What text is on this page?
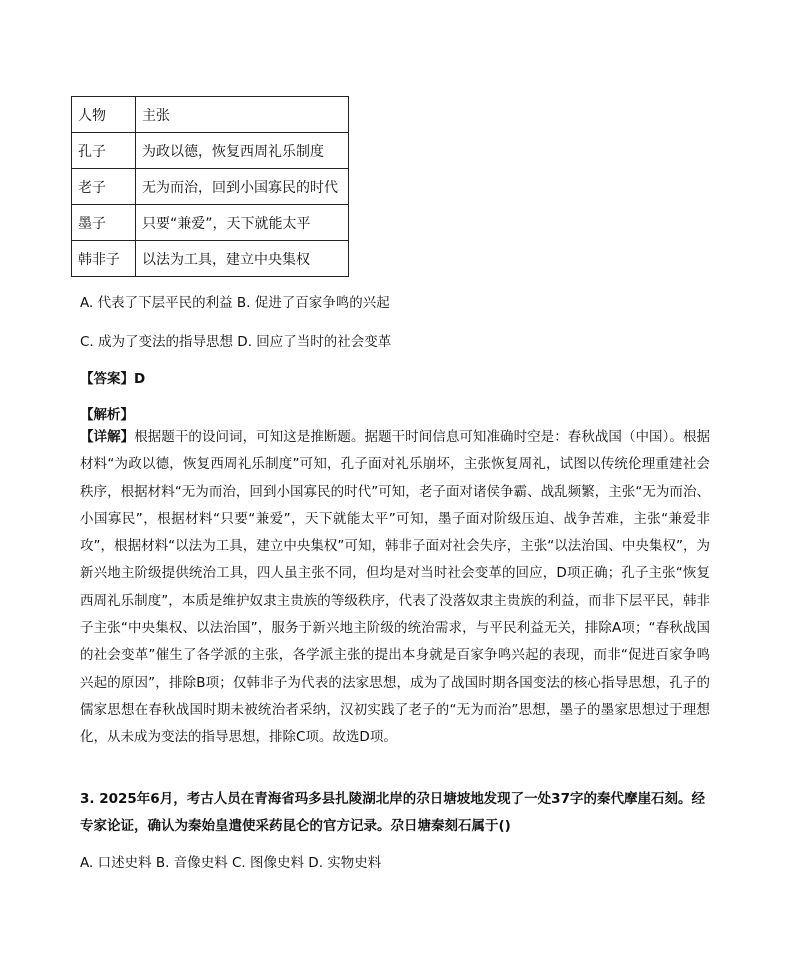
人物	主张
孔子	为政以德，恢复西周礼乐制度
老子	无为而治，回到小国寡民的时代
墨子	只要“兼爱”，天下就能太平
韩非子	以法为工具，建立中央集权
A. 代表了下层平民的利益 B. 促进了百家争鸣的兴起
C. 成为了变法的指导思想 D. 回应了当时的社会变革
【答案】D
【解析】

【详解】根据题干的设问词，可知这是推断题。据题干时间信息可知准确时空是：春秋战国（中国）。根据材料“为政以德，恢复西周礼乐制度”可知，孔子面对礼乐崩坏，主张恢复周礼，试图以传统伦理重建社会秩序，根据材料“无为而治，回到小国寡民的时代”可知，老子面对诸侯争霸、战乱频繁，主张“无为而治、小国寡民”，根据材料“只要“兼爱”，天下就能太平”可知，墨子面对阶级压迫、战争苦难，主张“兼爱非攻”，根据材料“以法为工具，建立中央集权”可知，韩非子面对社会失序，主张“以法治国、中央集权”，为新兴地主阶级提供统治工具，四人虽主张不同，但均是对当时社会变革的回应，D项正确；孔子主张“恢复西周礼乐制度”，本质是维护奴隶主贵族的等级秩序，代表了没落奴隶主贵族的利益，而非下层平民，韩非子主张“中央集权、以法治国”，服务于新兴地主阶级的统治需求，与平民利益无关，排除A项；“春秋战国的社会变革”催生了各学派的主张，各学派主张的提出本身就是百家争鸣兴起的表现，而非“促进百家争鸣兴起的原因”，排除B项；仅韩非子为代表的法家思想，成为了战国时期各国变法的核心指导思想，孔子的儒家思想在春秋战国时期未被统治者采纳，汉初实践了老子的“无为而治”思想，墨子的墨家思想过于理想化，从未成为变法的指导思想，排除C项。故选D项。

3. 2025年6月，考古人员在青海省玛多县扎陵湖北岸的尕日塘坡地发现了一处37字的秦代摩崖石刻。经专家论证，确认为秦始皇遣使采药昆仑的官方记录。尕日塘秦刻石属于()

A. 口述史料 B. 音像史料 C. 图像史料 D. 实物史料
